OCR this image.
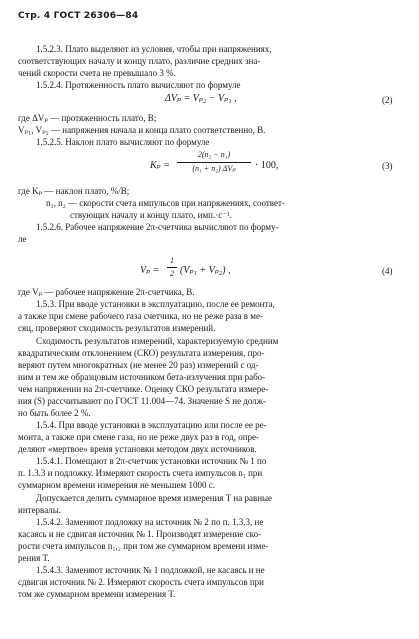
Стр. 4 ГОСТ 26306—84
1.5.2.3. Плато выделяют из условия, чтобы при напряжениях,
соответствующих началу и концу плато, различие средних зна-
чений скорости счета не превышало 3 %.
1.5.2.4. Протяженность плато вычисляют по формуле
где ΔVₚ — протяженность плато, В;
Vₚ₁, Vₚ₂ — напряжения начала и конца плато соответственно, В.
1.5.2.5. Наклон плато вычисляют по формуле
где Kₚ — наклон плато, %/В;
n₁, n₂ — скорости счета импульсов при напряжениях, соответ-
ствующих началу и концу плато, имп.·с⁻¹.
1.5.2.6. Рабочее напряжение 2π-счетчика вычисляют по форму-
ле
где Vₚ — рабочее напряжение 2π-счетчика, В.
1.5.3. При вводе установки в эксплуатацию, после ее ремонта,
а также при смене рабочего газа счетчика, но не реже раза в ме-
сяц, проверяют сходимость результатов измерений.
Сходимость результатов измерений, характеризуемую средним
квадратическим отклонением (СКО) результата измерения, про-
веряют путем многократных (не менее 20 раз) измерений с од-
ним и тем же образцовым источником бета-излучения при рабо-
чем напряжении на 2π-счетчике. Оценку СКО результата измере-
ния (S) рассчитывают по ГОСТ 11.004—74. Значение S не долж-
но быть более 2 %.
1.5.4. При вводе установки в эксплуатацию или после ее ре-
монта, а также при смене газа, но не реже двух раз в год, опре-
деляют «мертвое» время установки методом двух источников.
1.5.4.1. Помещают в 2π-счетчик установки источник № 1 по
п. 1.3.3 и подложку. Измеряют скорость счета импульсов n₁ при
суммарном времени измерения не меньшем 1000 с.
Допускается делить суммарное время измерения T на равные
интервалы.
1.5.4.2. Заменяют подложку на источник № 2 по п. 1.3.3, не
касаясь и не сдвигая источник № 1. Производят измерение ско-
рости счета импульсов n₁,₂ при том же суммарном времени изме-
рения T.
1.5.4.3. Заменяют источник № 1 подложкой, не касаясь и не
сдвигая источник № 2. Измеряют скорость счета импульсов при
том же суммарном времени измерения T.
ΔVₚ = Vₚ₂ − Vₚ₁ ,	(2)
Kₚ =
2(n₂ − n₁)
(n₁ + n₂) ΔVₚ	· 100,	(3)
Vₚ =
1
2 (Vₚ₁ + Vₚ₂) ,	(4)
